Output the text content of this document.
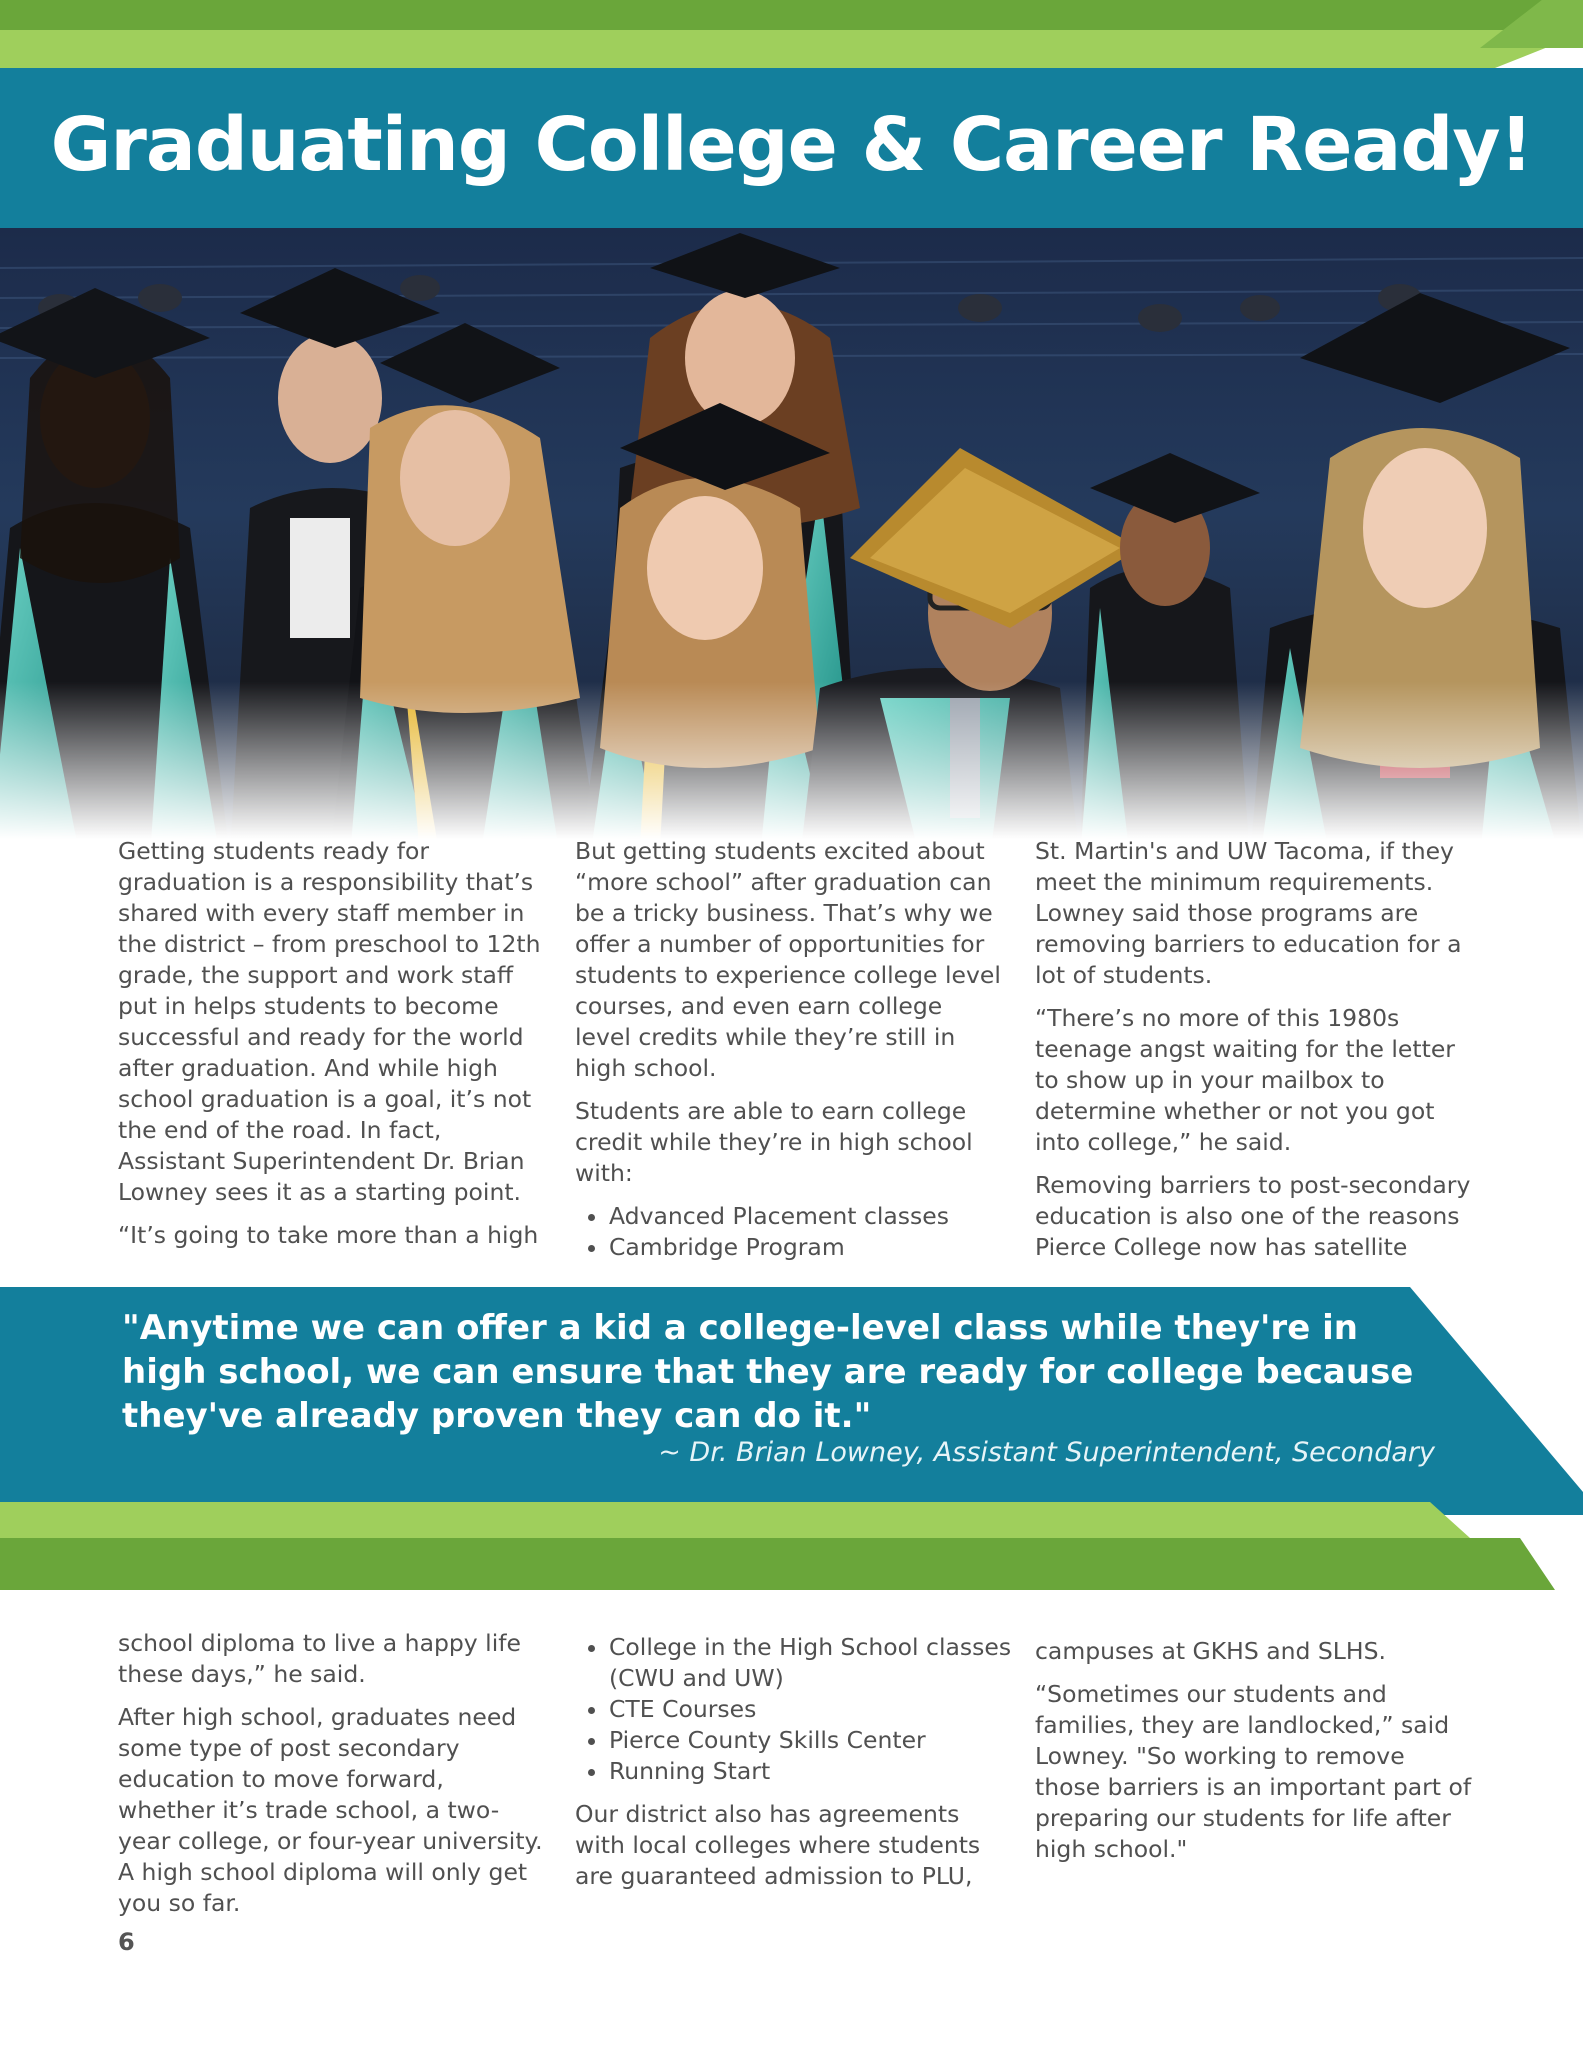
Graduating College & Career Ready!

Getting students ready for graduation is a responsibility that’s shared with every staff member in the district – from preschool to 12th grade, the support and work staff put in helps students to become successful and ready for the world after graduation. And while high school graduation is a goal, it’s not the end of the road. In fact, Assistant Superintendent Dr. Brian Lowney sees it as a starting point.

“It’s going to take more than a high

But getting students excited about “more school” after graduation can be a tricky business. That’s why we offer a number of opportunities for students to experience college level courses, and even earn college level credits while they’re still in high school.

Students are able to earn college credit while they’re in high school with:

• Advanced Placement classes
• Cambridge Program

St. Martin's and UW Tacoma, if they meet the minimum requirements. Lowney said those programs are removing barriers to education for a lot of students.

“There’s no more of this 1980s teenage angst waiting for the letter to show up in your mailbox to determine whether or not you got into college,” he said.

Removing barriers to post-secondary education is also one of the reasons Pierce College now has satellite

"Anytime we can offer a kid a college-level class while they're in high school, we can ensure that they are ready for college because they've already proven they can do it."

~ Dr. Brian Lowney, Assistant Superintendent, Secondary

school diploma to live a happy life these days,” he said.

After high school, graduates need some type of post secondary education to move forward, whether it’s trade school, a two-year college, or four-year university. A high school diploma will only get you so far.

• College in the High School classes (CWU and UW)
• CTE Courses
• Pierce County Skills Center
• Running Start

Our district also has agreements with local colleges where students are guaranteed admission to PLU,

campuses at GKHS and SLHS.

“Sometimes our students and families, they are landlocked,” said Lowney. "So working to remove those barriers is an important part of preparing our students for life after high school."

6
